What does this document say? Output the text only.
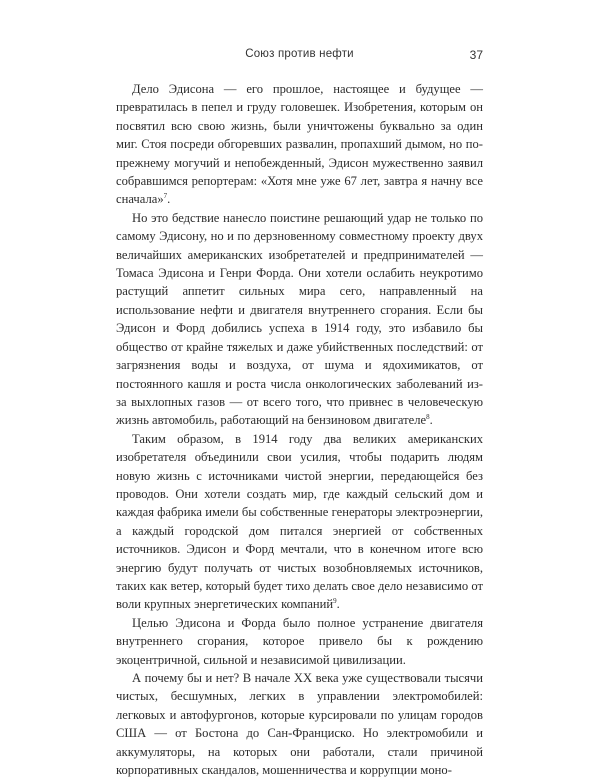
Союз против нефти	37

Дело Эдисона — его прошлое, настоящее и будущее — превратилась в пепел и груду головешек. Изобретения, которым он посвятил всю свою жизнь, были уничтожены буквально за один миг. Стоя посреди обгоревших развалин, пропахший дымом, но по-прежнему могучий и непобежденный, Эдисон мужественно заявил собравшимся репортерам: «Хотя мне уже 67 лет, завтра я начну все сначала»$^7$.

Но это бедствие нанесло поистине решающий удар не только по самому Эдисону, но и по дерзновенному совместному проекту двух величайших американских изобретателей и предпринимателей — Томаса Эдисона и Генри Форда. Они хотели ослабить неукротимо растущий аппетит сильных мира сего, направленный на использование нефти и двигателя внутреннего сгорания. Если бы Эдисон и Форд добились успеха в 1914 году, это избавило бы общество от крайне тяжелых и даже убийственных последствий: от загрязнения воды и воздуха, от шума и ядохимикатов, от постоянного кашля и роста числа онкологических заболеваний из-за выхлопных газов — от всего того, что привнес в человеческую жизнь автомобиль, работающий на бензиновом двигателе$^8$.

Таким образом, в 1914 году два великих американских изобретателя объединили свои усилия, чтобы подарить людям новую жизнь с источниками чистой энергии, передающейся без проводов. Они хотели создать мир, где каждый сельский дом и каждая фабрика имели бы собственные генераторы электроэнергии, а каждый городской дом питался энергией от собственных источников. Эдисон и Форд мечтали, что в конечном итоге всю энергию будут получать от чистых возобновляемых источников, таких как ветер, который будет тихо делать свое дело независимо от воли крупных энергетических компаний$^9$.

Целью Эдисона и Форда было полное устранение двигателя внутреннего сгорания, которое привело бы к рождению экоцентричной, сильной и независимой цивилизации.

А почему бы и нет? В начале XX века уже существовали тысячи чистых, бесшумных, легких в управлении электромобилей: легковых и автофургонов, которые курсировали по улицам городов США — от Бостона до Сан-Франциско. Но электромобили и аккумуляторы, на которых они работали, стали причиной корпоративных скандалов, мошенничества и коррупции моно-
